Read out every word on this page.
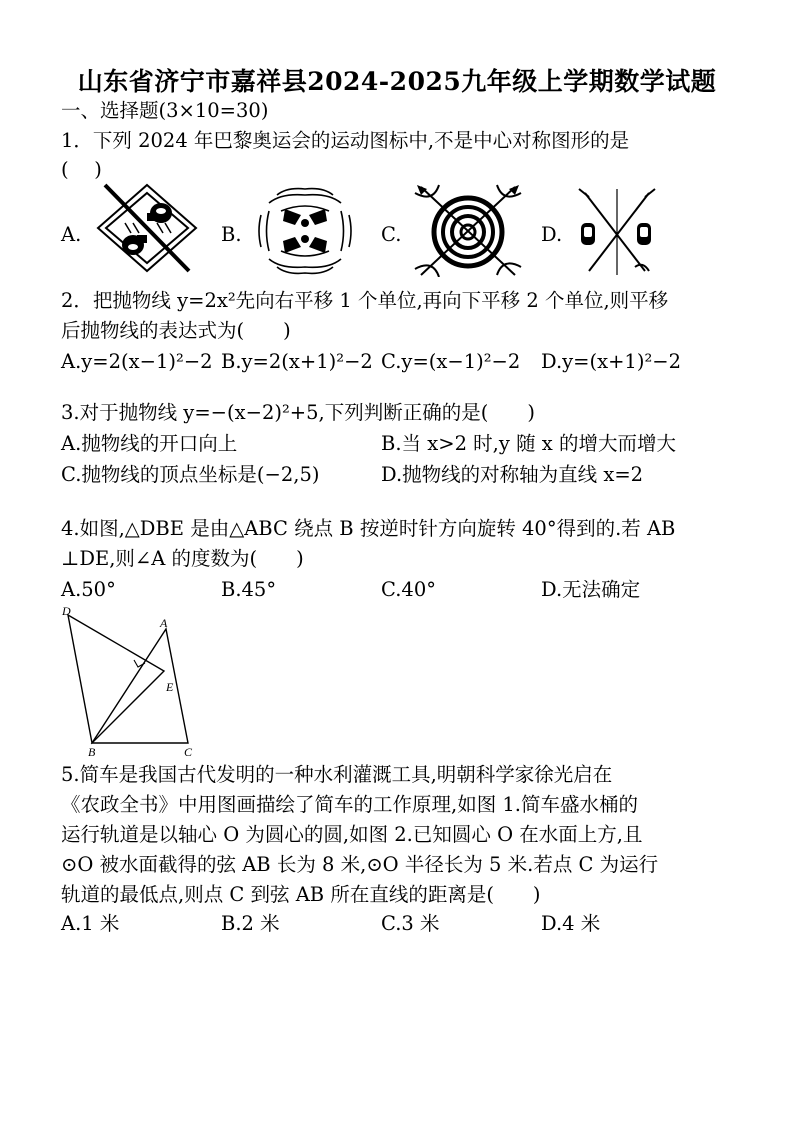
山东省济宁市嘉祥县2024-2025九年级上学期数学试题
一、选择题(3×10=30)
1．下列 2024 年巴黎奥运会的运动图标中,不是中心对称图形的是
(　 )
A.	B.	C.	D.
2．把抛物线 y=2x²先向右平移 1 个单位,再向下平移 2 个单位,则平移
后抛物线的表达式为(　　)
A.y=2(x−1)²−2 B.y=2(x+1)²−2 C.y=(x−1)²−2 D.y=(x+1)²−2
3.对于抛物线 y=−(x−2)²+5,下列判断正确的是(　　)
A.抛物线的开口向上	B.当 x>2 时,y 随 x 的增大而增大
C.抛物线的顶点坐标是(−2,5)	D.抛物线的对称轴为直线 x=2
4.如图,△DBE 是由△ABC 绕点 B 按逆时针方向旋转 40°得到的.若 AB
⊥DE,则∠A 的度数为(　　)
A.50°	B.45°	C.40°	D.无法确定
D
A
E
B	C
5.简车是我国古代发明的一种水利灌溉工具,明朝科学家徐光启在
《农政全书》中用图画描绘了简车的工作原理,如图 1.简车盛水桶的
运行轨道是以轴心 O 为圆心的圆,如图 2.已知圆心 O 在水面上方,且
⊙O 被水面截得的弦 AB 长为 8 米,⊙O 半径长为 5 米.若点 C 为运行
轨道的最低点,则点 C 到弦 AB 所在直线的距离是(　　)
A.1 米	B.2 米	C.3 米	D.4 米
